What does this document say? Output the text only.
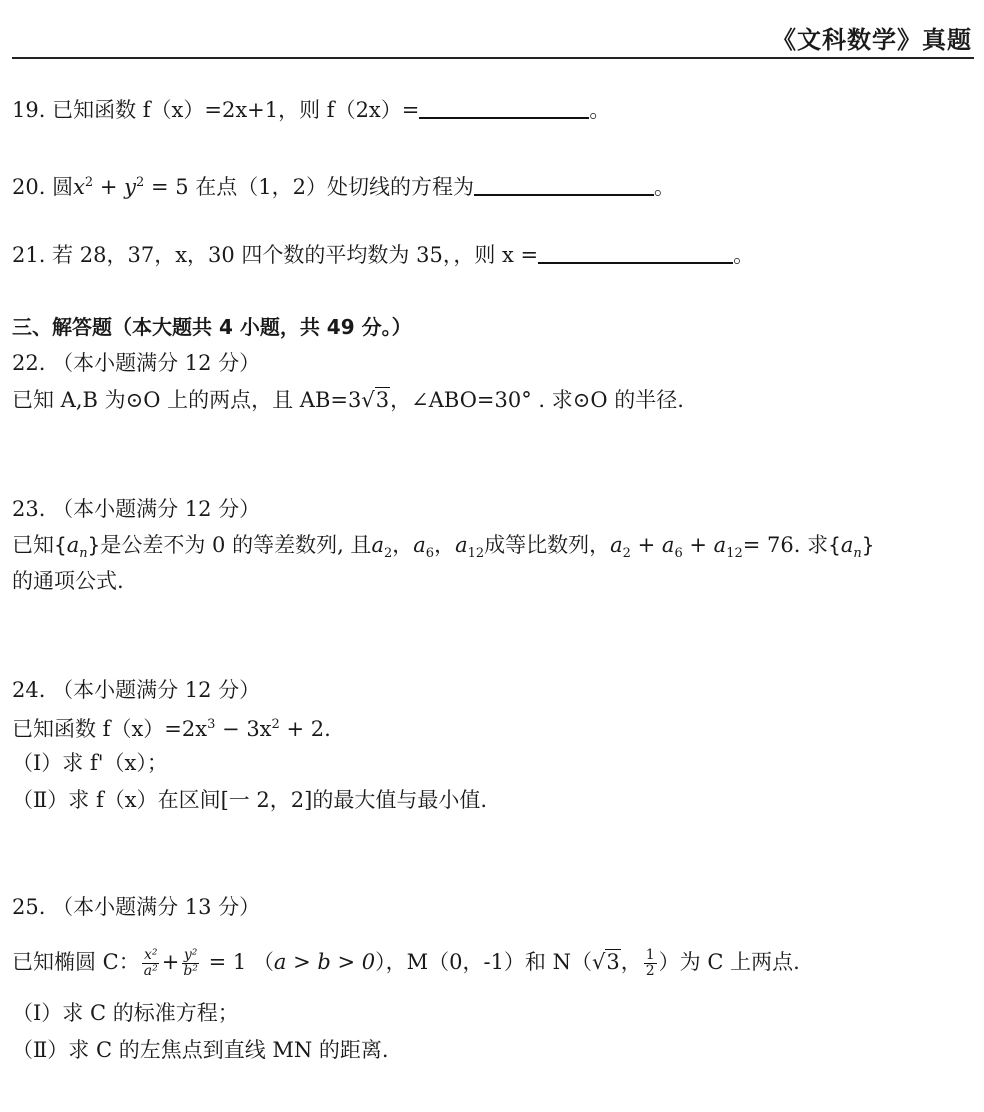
《文科数学》真题
19. 已知函数 f（x）=2x+1，则 f（2x）=	。
20. 圆$x^2 + y^2 = 5$ 在点（1，2）处切线的方程为	。
21. 若 28，37，x，30 四个数的平均数为 35，，则 x =	。
三、解答题（本大题共 4 小题，共 49 分。）
22. （本小题满分 12 分）
已知 A,B 为⊙O 上的两点，且 AB=3√3，∠ABO=30° . 求⊙O 的半径.
23. （本小题满分 12 分）
已知$\{a_n\}$是公差不为 0 的等差数列, 且$a_2$，$a_6$，$a_{12}$成等比数列，$a_2 + a_6 + a_{12}= 76$. 求$\{a_n\}$
的通项公式.
24. （本小题满分 12 分）
已知函数 $f(x)=2x^3 - 3x^2 + 2$.
（Ⅰ）求 f'（x）；
（Ⅱ）求 f（x）在区间[一 2，2]的最大值与最小值.
25. （本小题满分 13 分）
已知椭圆 C： $\frac{\text{x²}}{\text{a²}} + \frac{\text{y²}}{\text{b²}} = 1$ （a > b > 0），M（0，-1）和 N（√3， $\frac{1}{2}$ ）为 C 上两点.
（Ⅰ）求 C 的标准方程；
（Ⅱ）求 C 的左焦点到直线 MN 的距离.
